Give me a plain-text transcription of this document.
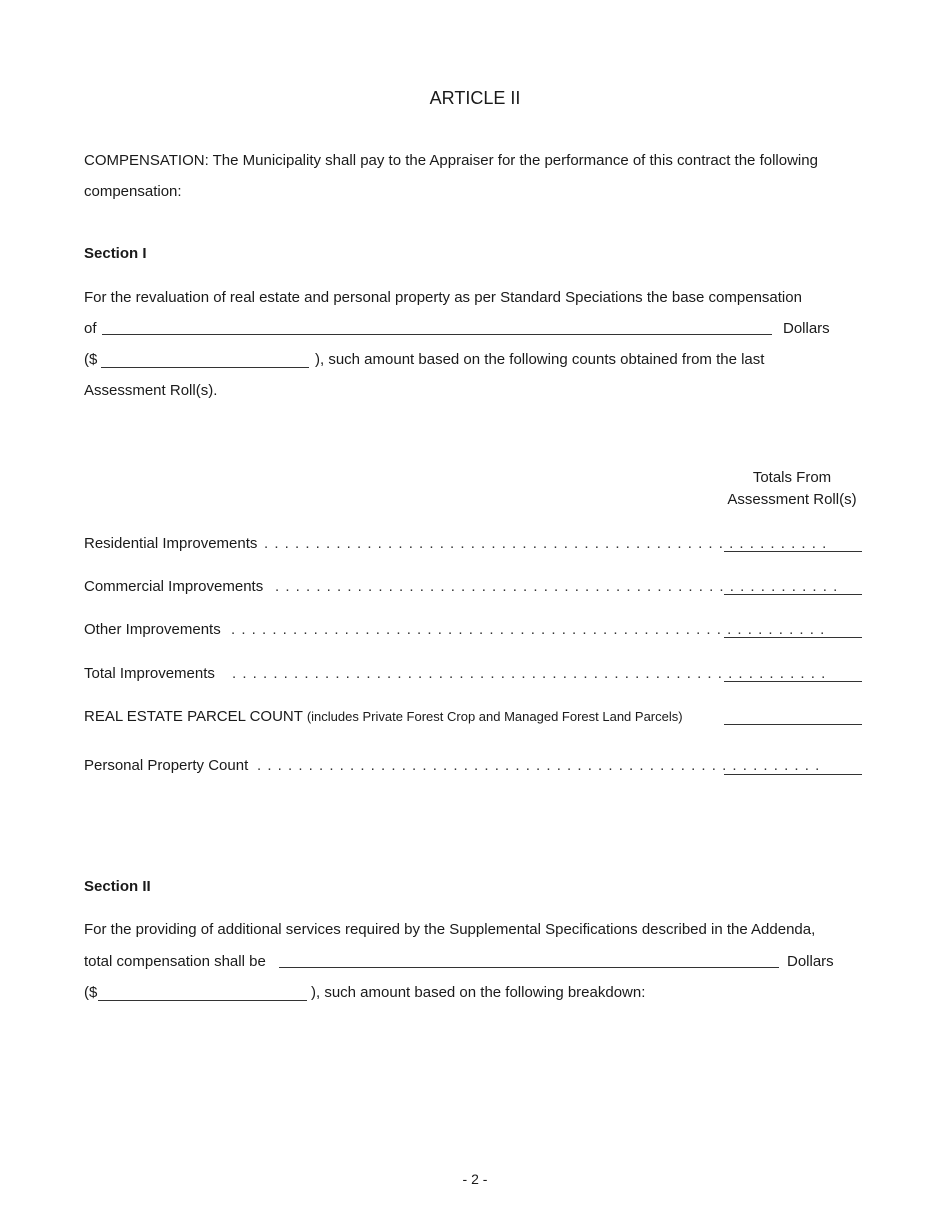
ARTICLE II
COMPENSATION: The Municipality shall pay to the Appraiser for the performance of this contract the following
compensation:
Section I
For the revaluation of real estate and personal property as per Standard Speciations the base compensation
of	Dollars
($	), such amount based on the following counts obtained from the last
Assessment Roll(s).
Totals From
Assessment Roll(s)
Residential Improvements . . . . . . . . . . . . . . . . . . . . . . . . . . . . . . . . . . . . . . . . . . . . . . . . . . . . . . .
Commercial Improvements . . . . . . . . . . . . . . . . . . . . . . . . . . . . . . . . . . . . . . . . . . . . . . . . . . . . . . .
Other Improvements . . . . . . . . . . . . . . . . . . . . . . . . . . . . . . . . . . . . . . . . . . . . . . . . . . . . . . . . . .
Total Improvements . . . . . . . . . . . . . . . . . . . . . . . . . . . . . . . . . . . . . . . . . . . . . . . . . . . . . . . . . .
REAL ESTATE PARCEL COUNT (includes Private Forest Crop and Managed Forest Land Parcels)
Personal Property Count . . . . . . . . . . . . . . . . . . . . . . . . . . . . . . . . . . . . . . . . . . . . . . . . . . . . . . .
Section II
For the providing of additional services required by the Supplemental Specifications described in the Addenda,
total compensation shall be	Dollars
($	), such amount based on the following breakdown:
- 2 -
